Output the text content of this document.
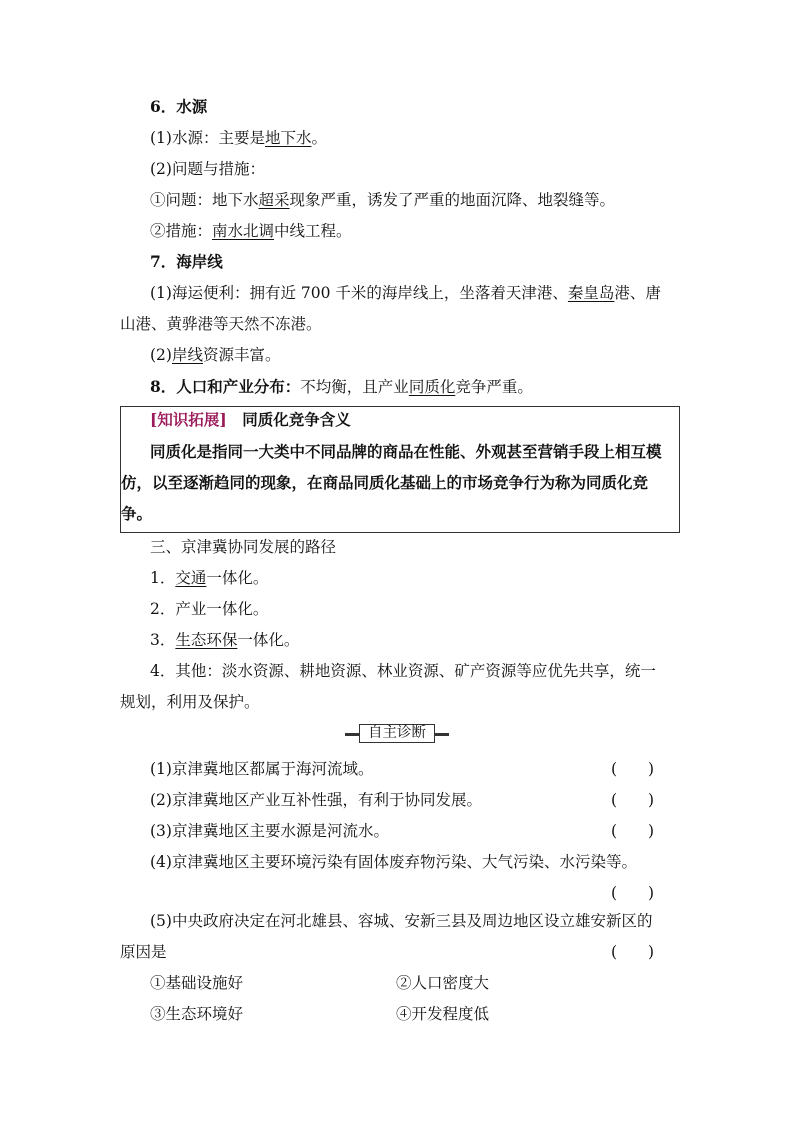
6．水源
(1)水源：主要是地下水。
(2)问题与措施：
①问题：地下水超采现象严重，诱发了严重的地面沉降、地裂缝等。
②措施：南水北调中线工程。
7．海岸线
(1)海运便利：拥有近 700 千米的海岸线上，坐落着天津港、秦皇岛港、唐
山港、黄骅港等天然不冻港。
(2)岸线资源丰富。
8．人口和产业分布：不均衡，且产业同质化竞争严重。
[知识拓展]　 同质化竞争含义
同质化是指同一大类中不同品牌的商品在性能、外观甚至营销手段上相互模
仿，以至逐渐趋同的现象，在商品同质化基础上的市场竞争行为称为同质化竞
争。
三、京津冀协同发展的路径
1．交通一体化。
2．产业一体化。
3．生态环保一体化。
4．其他：淡水资源、耕地资源、林业资源、矿产资源等应优先共享，统一
规划，利用及保护。
自主诊断
(1)京津冀地区都属于海河流域。	(　　)
(2)京津冀地区产业互补性强，有利于协同发展。	(　　)
(3)京津冀地区主要水源是河流水。	(　　)
(4)京津冀地区主要环境污染有固体废弃物污染、大气污染、水污染等。
(　　)
(5)中央政府决定在河北雄县、容城、安新三县及周边地区设立雄安新区的
原因是	(　　)
①基础设施好	②人口密度大
③生态环境好	④开发程度低
